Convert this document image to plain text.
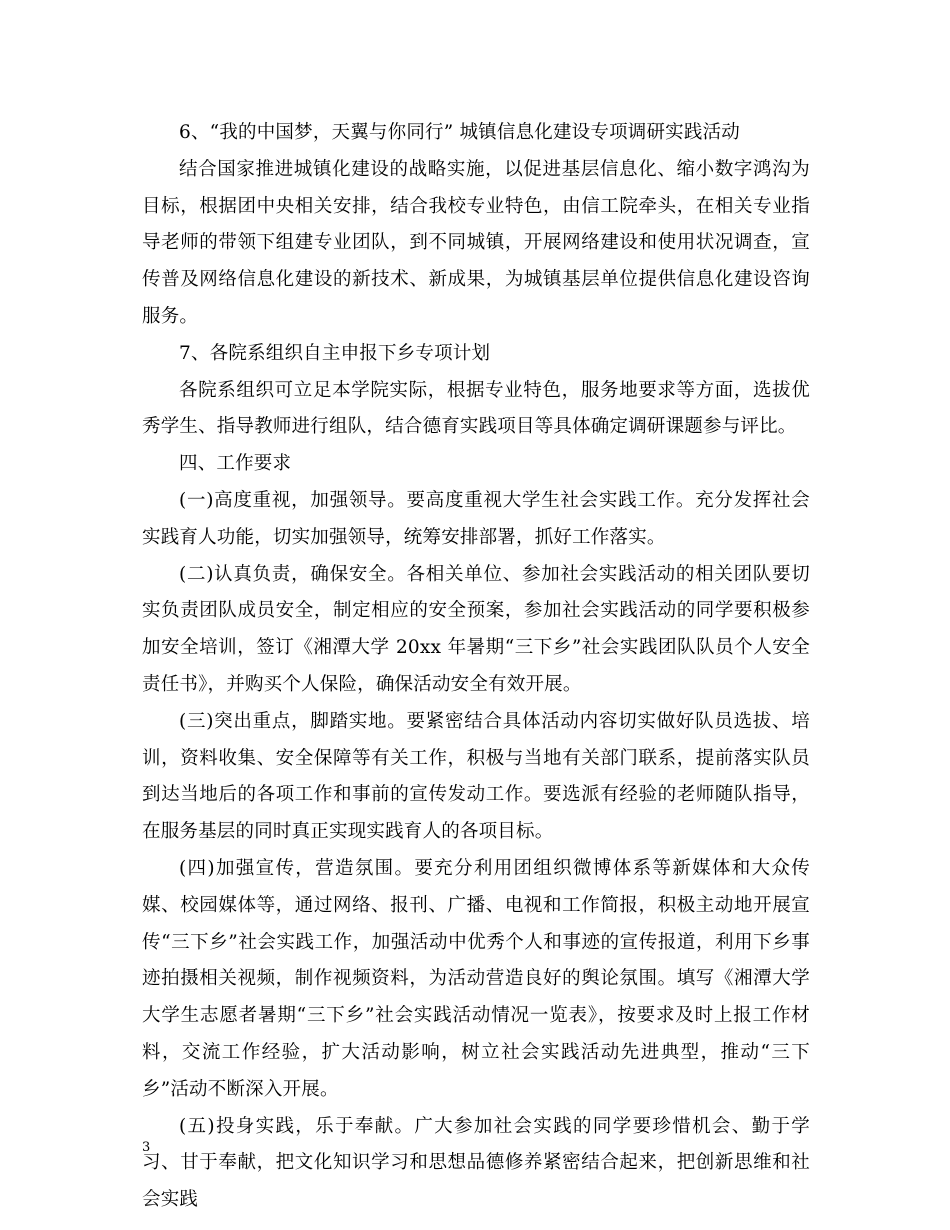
6、“我的中国梦，天翼与你同行” 城镇信息化建设专项调研实践活动

结合国家推进城镇化建设的战略实施，以促进基层信息化、缩小数字鸿沟为目标，根据团中央相关安排，结合我校专业特色，由信工院牵头，在相关专业指导老师的带领下组建专业团队，到不同城镇，开展网络建设和使用状况调查，宣传普及网络信息化建设的新技术、新成果，为城镇基层单位提供信息化建设咨询服务。

7、各院系组织自主申报下乡专项计划

各院系组织可立足本学院实际，根据专业特色，服务地要求等方面，选拔优秀学生、指导教师进行组队，结合德育实践项目等具体确定调研课题参与评比。

四、工作要求

(一)高度重视，加强领导。要高度重视大学生社会实践工作。充分发挥社会实践育人功能，切实加强领导，统筹安排部署，抓好工作落实。

(二)认真负责，确保安全。各相关单位、参加社会实践活动的相关团队要切实负责团队成员安全，制定相应的安全预案，参加社会实践活动的同学要积极参加安全培训，签订《湘潭大学 20xx 年暑期“三下乡”社会实践团队队员个人安全责任书》，并购买个人保险，确保活动安全有效开展。

(三)突出重点，脚踏实地。要紧密结合具体活动内容切实做好队员选拔、培训，资料收集、安全保障等有关工作，积极与当地有关部门联系，提前落实队员到达当地后的各项工作和事前的宣传发动工作。要选派有经验的老师随队指导，在服务基层的同时真正实现实践育人的各项目标。

(四)加强宣传，营造氛围。要充分利用团组织微博体系等新媒体和大众传媒、校园媒体等，通过网络、报刊、广播、电视和工作简报，积极主动地开展宣传“三下乡”社会实践工作，加强活动中优秀个人和事迹的宣传报道，利用下乡事迹拍摄相关视频，制作视频资料，为活动营造良好的舆论氛围。填写《湘潭大学大学生志愿者暑期“三下乡”社会实践活动情况一览表》，按要求及时上报工作材料，交流工作经验，扩大活动影响，树立社会实践活动先进典型，推动“三下乡”活动不断深入开展。

(五)投身实践，乐于奉献。广大参加社会实践的同学要珍惜机会、勤于学习、甘于奉献，把文化知识学习和思想品德修养紧密结合起来，把创新思维和社会实践

3
